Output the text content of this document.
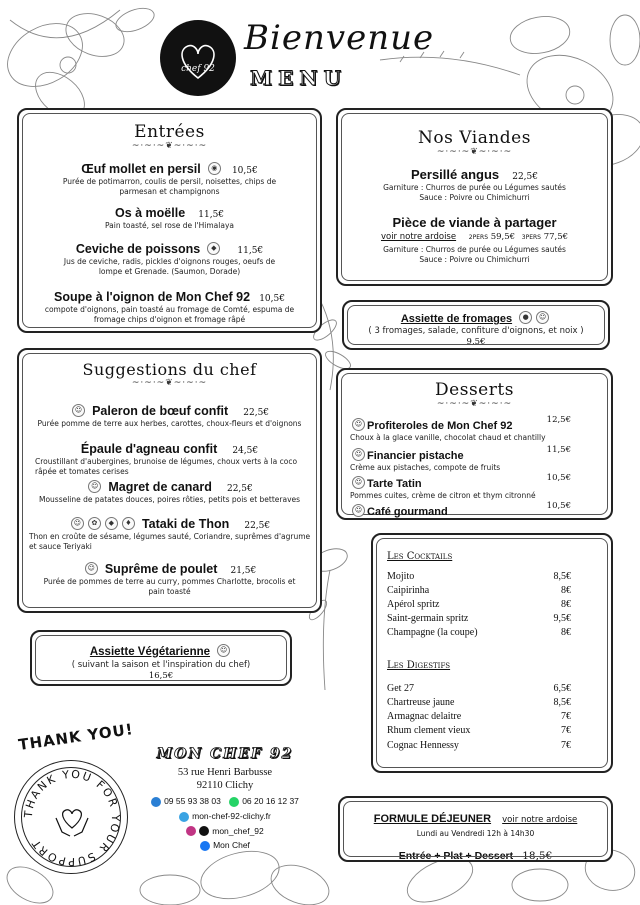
chef 92
Bienvenue
MENU
Entrées
~·~·~❦~·~·~
Œuf mollet en persil ◉ 10,5€
Purée de potimarron, coulis de persil, noisettes, chips de parmesan et champignons
Os à moëlle 11,5€
Pain toasté, sel rose de l'Himalaya
Ceviche de poissons ◆ 11,5€
Jus de ceviche, radis, pickles d'oignons rouges, oeufs de lompe et Grenade. (Saumon, Dorade)
Soupe à l'oignon de Mon Chef 92 10,5€
compote d'oignons, pain toasté au fromage de Comté, espuma de fromage chips d'oignon et fromage râpé
Suggestions du chef
~·~·~❦~·~·~
☺ Paleron de bœuf confit 22,5€
Purée pomme de terre aux herbes, carottes, choux-fleurs et d'oignons
Épaule d'agneau confit 24,5€
Croustillant d'aubergines, brunoise de légumes, choux verts à la coco râpée et tomates cerises
☺ Magret de canard 22,5€
Mousseline de patates douces, poires rôties, petits pois et betteraves
☺ ✿ ◆ ♦ Tataki de Thon 22,5€
Thon en croûte de sésame, légumes sauté, Coriandre, suprêmes d'agrume et sauce Teriyaki
☺ Suprême de poulet 21,5€
Purée de pommes de terre au curry, pommes Charlotte, brocolis et pain toasté
Assiette Végétarienne ☺
( suivant la saison et l'inspiration du chef)
16,5€
Nos Viandes
~·~·~❦~·~·~
Persillé angus 22,5€
Garniture : Churros de purée ou Légumes sautés
Sauce : Poivre ou Chimichurri
Pièce de viande à partager
voir notre ardoise 2PERS 59,5€ 3PERS 77,5€
Garniture : Churros de purée ou Légumes sautés
Sauce : Poivre ou Chimichurri
Assiette de fromages ● ☺
( 3 fromages, salade, confiture d'oignons, et noix )
9,5€
Desserts
~·~·~❦~·~·~
☺ Profiteroles de Mon Chef 92	12,5€
Choux à la glace vanille, chocolat chaud et chantilly
☺ Financier pistache	11,5€
Crème aux pistaches, compote de fruits
☺ Tarte Tatin	10,5€
Pommes cuites, crème de citron et thym citronné
☺ Café gourmand	10,5€
Les Cocktails
Mojito	8,5€
Caipirinha	8€
Apérol spritz	8€
Saint-germain spritz	9,5€
Champagne (la coupe)	8€
Les Digestifs
Get 27	6,5€
Chartreuse jaune	8,5€
Armagnac delaitre	7€
Rhum clement vieux	7€
Cognac Hennessy	7€
THANK YOU!
THANK YOU FOR YOUR SUPPORT
MON CHEF 92
53 rue Henri Barbusse
92110 Clichy
09 55 93 38 03	06 20 16 12 37
mon-chef-92-clichy.fr
mon_chef_92
Mon Chef
FORMULE DÉJEUNER voir notre ardoise
Lundi au Vendredi 12h à 14h30
Entrée + Plat + Dessert 18,5€
